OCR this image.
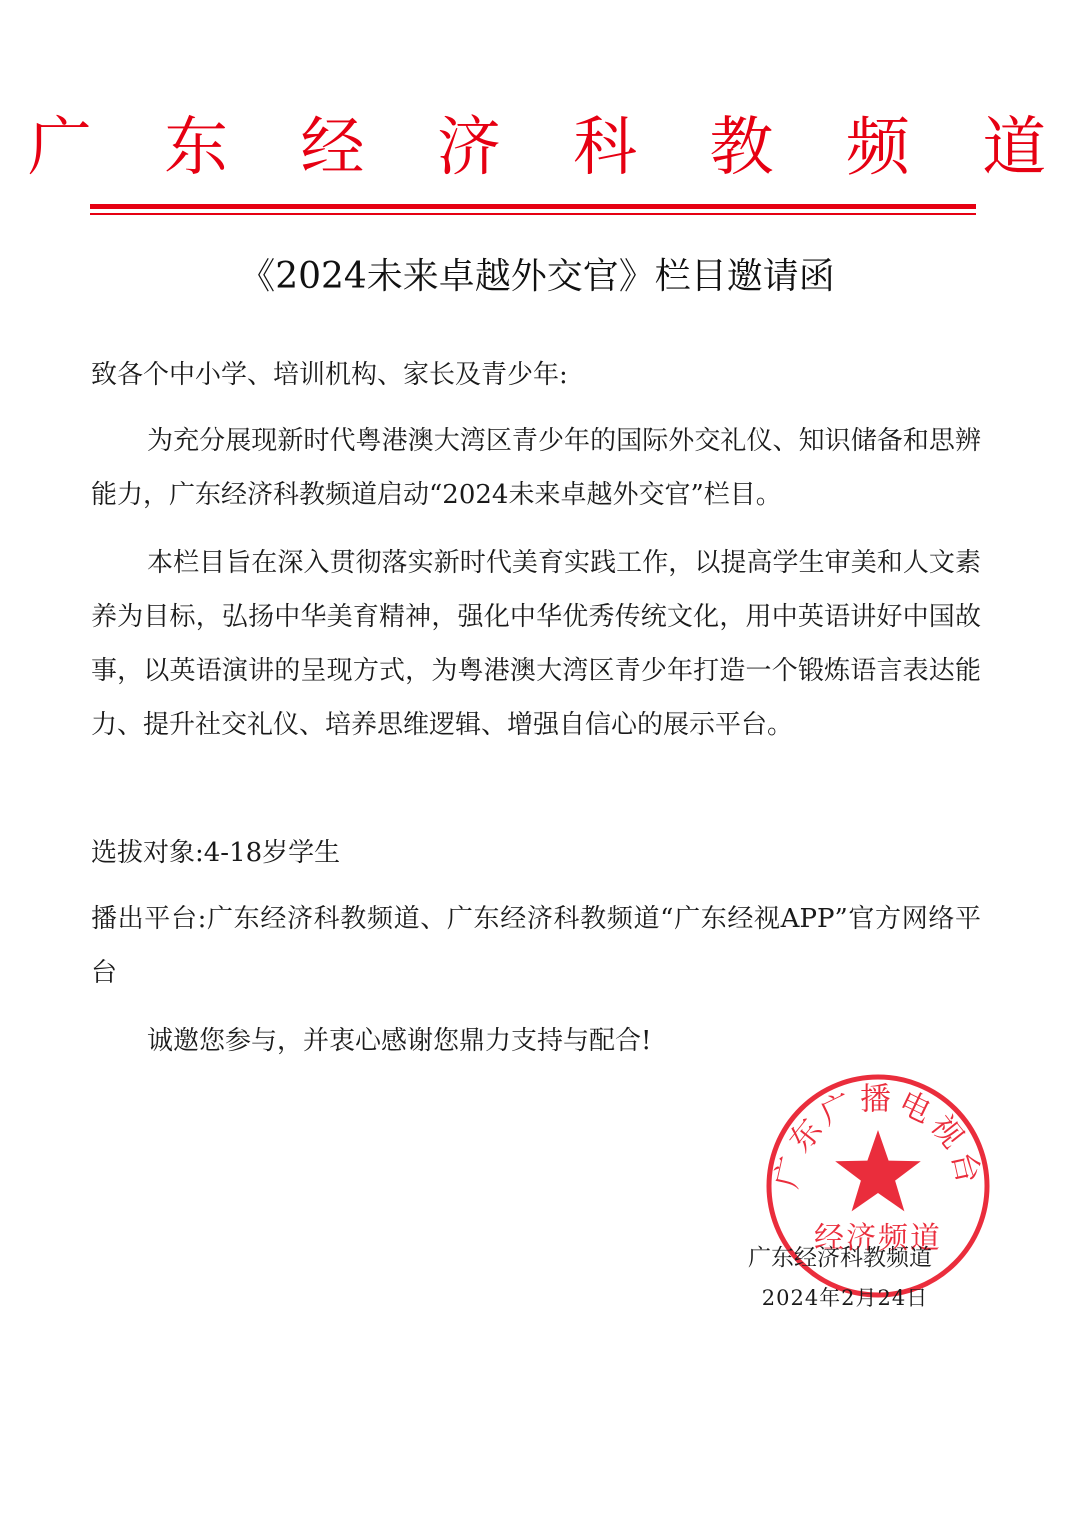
广 东 经 济 科 教 频 道
《2024未来卓越外交官》栏目邀请函

致各个中小学、培训机构、家长及青少年:

为充分展现新时代粤港澳大湾区青少年的国际外交礼仪、知识储备和思辨能力，广东经济科教频道启动“2024未来卓越外交官”栏目。

本栏目旨在深入贯彻落实新时代美育实践工作，以提高学生审美和人文素养为目标，弘扬中华美育精神，强化中华优秀传统文化，用中英语讲好中国故事，以英语演讲的呈现方式，为粤港澳大湾区青少年打造一个锻炼语言表达能力、提升社交礼仪、培养思维逻辑、增强自信心的展示平台。

选拔对象:4-18岁学生

播出平台:广东经济科教频道、广东经济科教频道“广东经视APP”官方网络平台

诚邀您参与，并衷心感谢您鼎力支持与配合!

广东广播电视台
经济频道
广东经济科教频道
2024年2月24日
